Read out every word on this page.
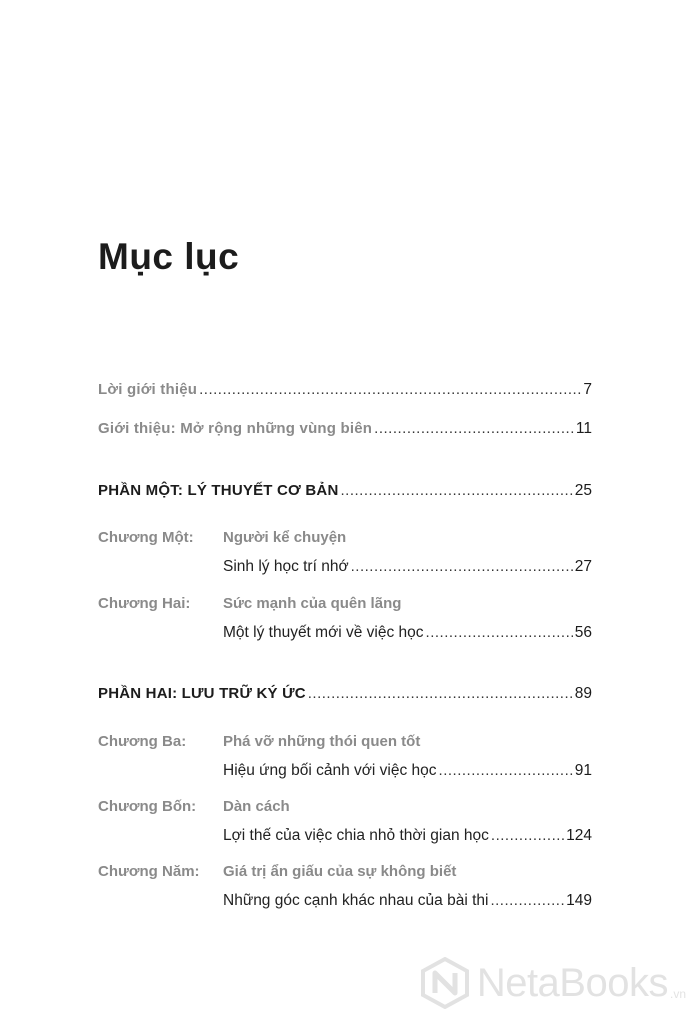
Mục lục
Lời giới thiệu .....	7
Giới thiệu: Mở rộng những vùng biên .....	11
PHẦN MỘT: LÝ THUYẾT CƠ BẢN .....	25
Chương Một:	Người kể chuyện
Sinh lý học trí nhớ .....	27
Chương Hai:	Sức mạnh của quên lãng
Một lý thuyết mới về việc học .....	56
PHẦN HAI: LƯU TRỮ KÝ ỨC .....	89
Chương Ba:	Phá vỡ những thói quen tốt
Hiệu ứng bối cảnh với việc học .....	91
Chương Bốn:	Dàn cách
Lợi thế của việc chia nhỏ thời gian học .....	124
Chương Năm:	Giá trị ẩn giấu của sự không biết
Những góc cạnh khác nhau của bài thi .....	149
NetaBooks .vn
